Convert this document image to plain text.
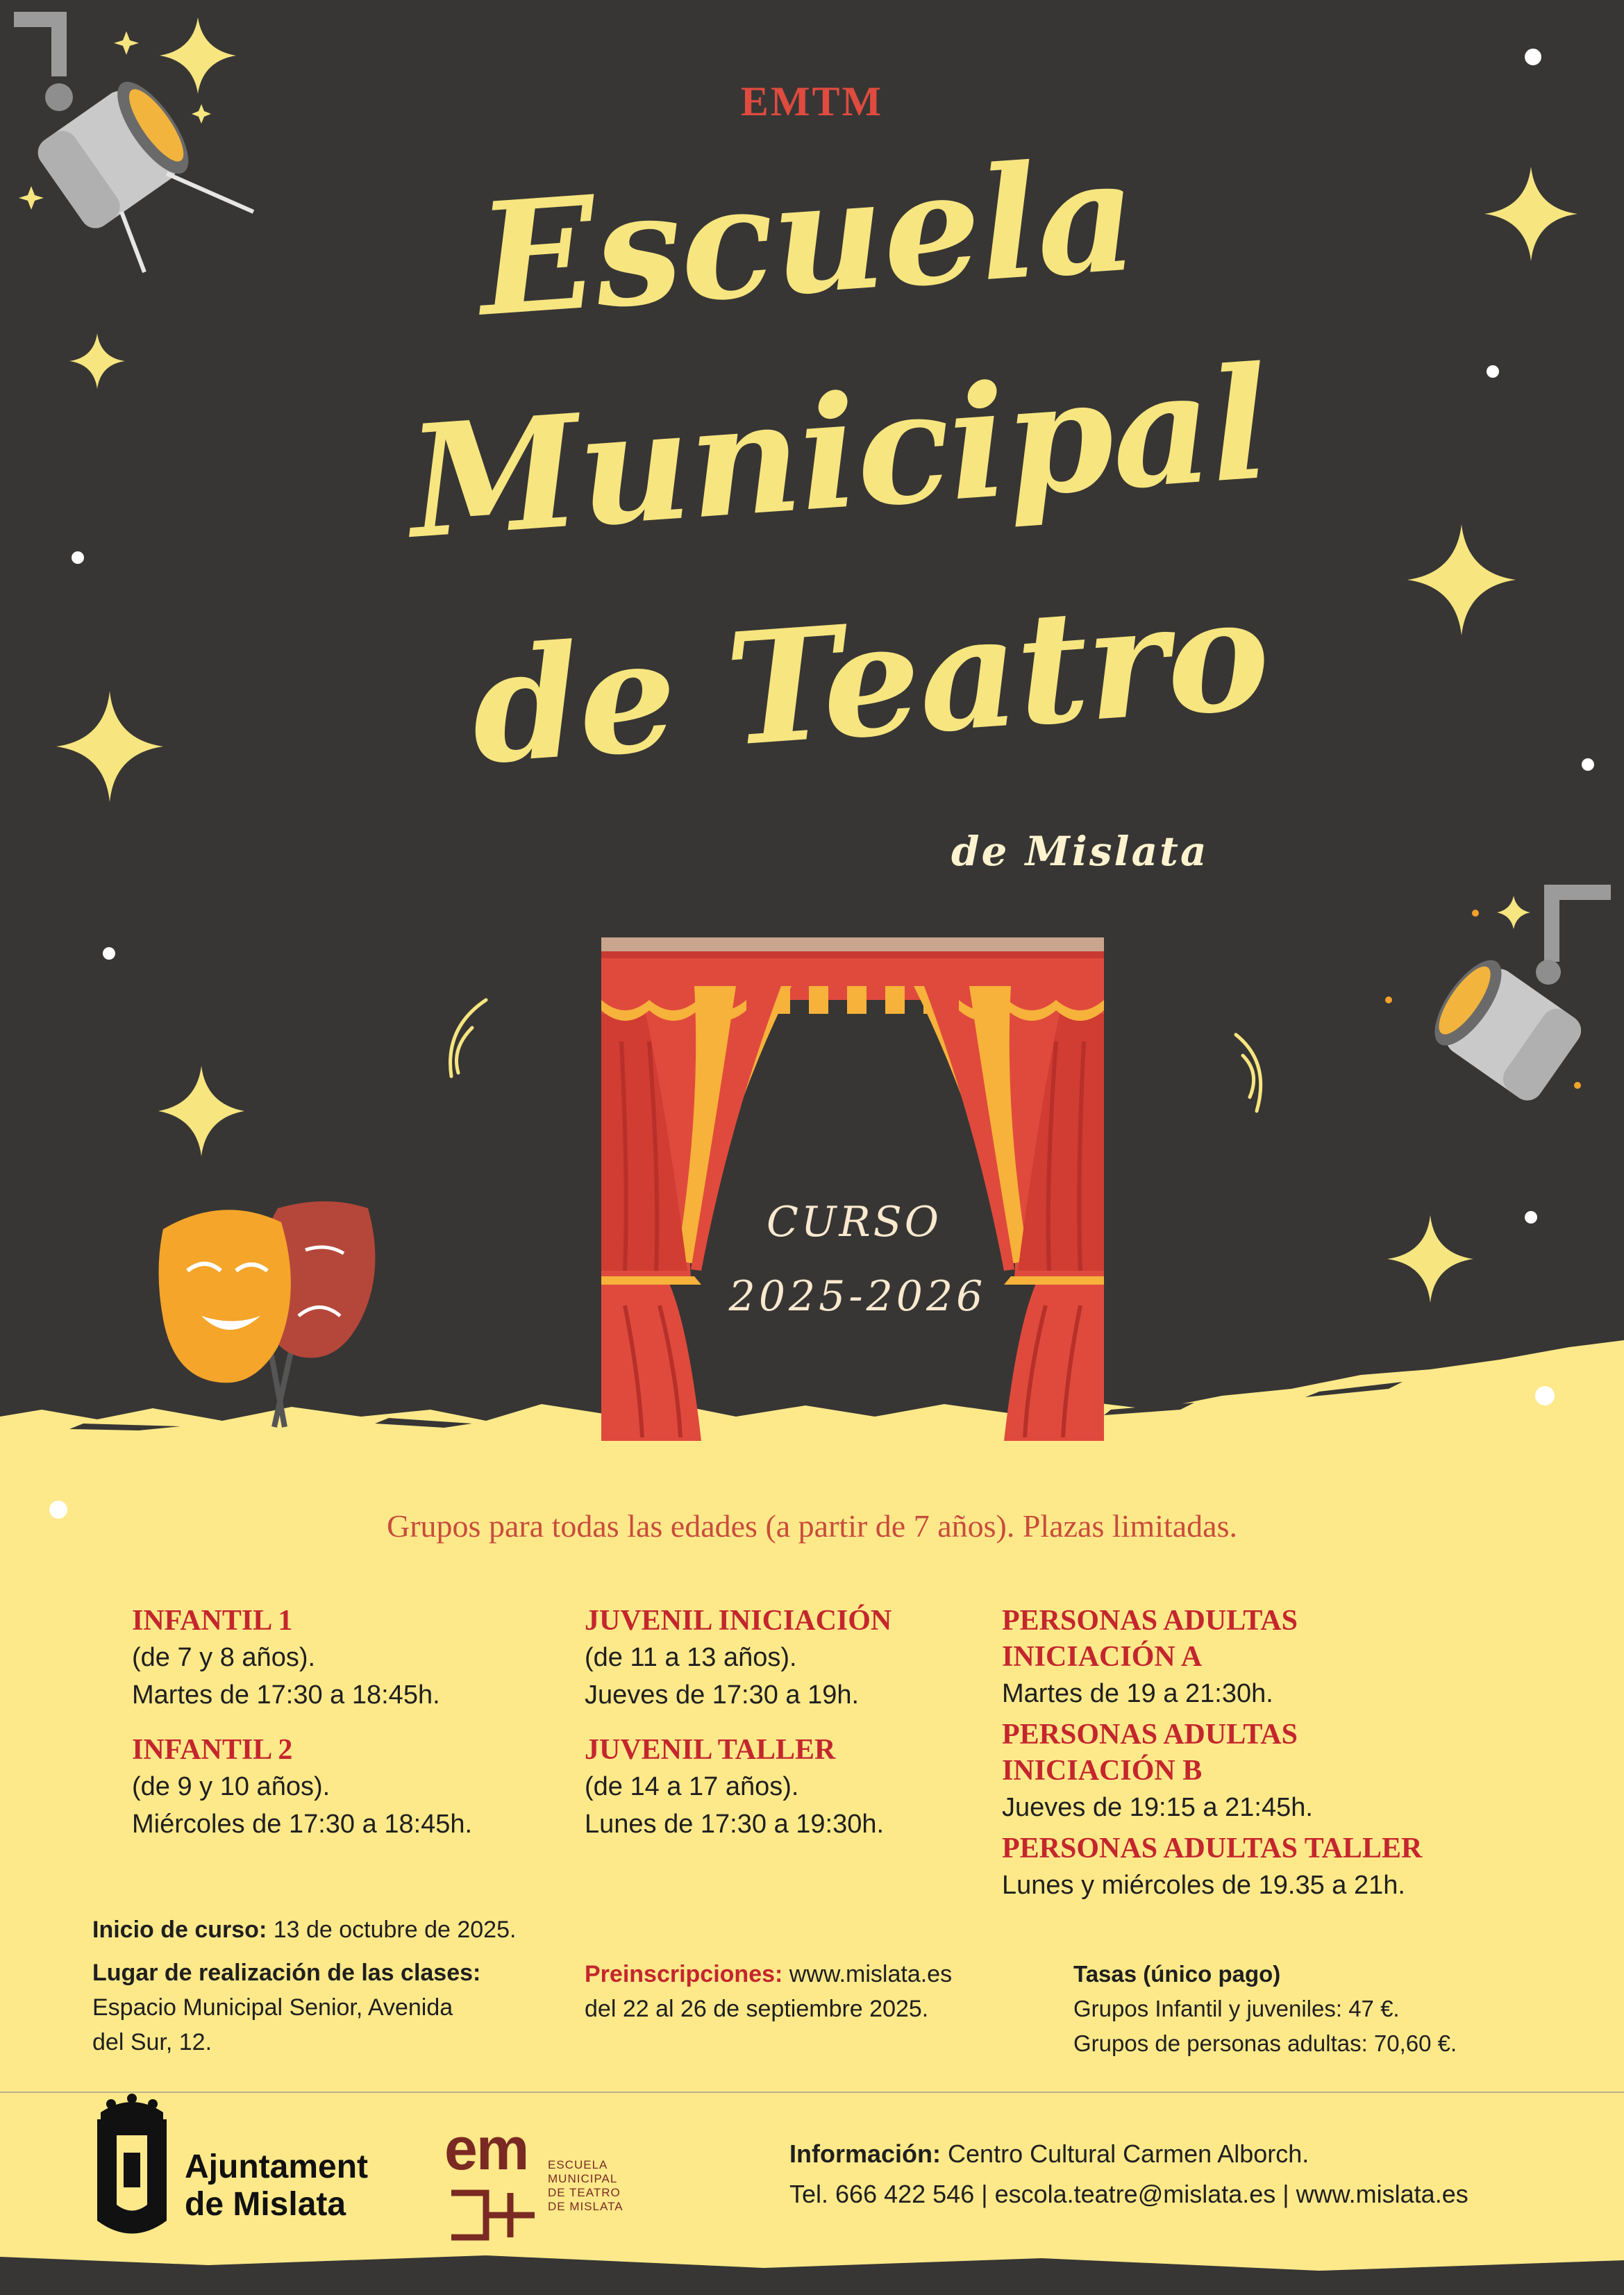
EMTM
Escuela
Municipal
de Teatro
de Mislata
CURSO
2025-2026
Grupos para todas las edades (a partir de 7 años). Plazas limitadas.
INFANTIL 1
(de 7 y 8 años).
Martes de 17:30 a 18:45h.
INFANTIL 2
(de 9 y 10 años).
Miércoles de 17:30 a 18:45h.
JUVENIL INICIACIÓN
(de 11 a 13 años).
Jueves de 17:30 a 19h.
JUVENIL TALLER
(de 14 a 17 años).
Lunes de 17:30 a 19:30h.
PERSONAS ADULTAS
INICIACIÓN A
Martes de 19 a 21:30h.
PERSONAS ADULTAS
INICIACIÓN B
Jueves de 19:15 a 21:45h.
PERSONAS ADULTAS TALLER
Lunes y miércoles de 19.35 a 21h.
Inicio de curso: 13 de octubre de 2025.
Lugar de realización de las clases:
Espacio Municipal Senior, Avenida
del Sur, 12.
Preinscripciones: www.mislata.es
del 22 al 26 de septiembre 2025.
Tasas (único pago)
Grupos Infantil y juveniles: 47 €.
Grupos de personas adultas: 70,60 €.
Ajuntament
de Mislata
em ESCUELA
MUNICIPAL
DE TEATRO
DE MISLATA
Información: Centro Cultural Carmen Alborch.
Tel. 666 422 546 | escola.teatre@mislata.es | www.mislata.es
